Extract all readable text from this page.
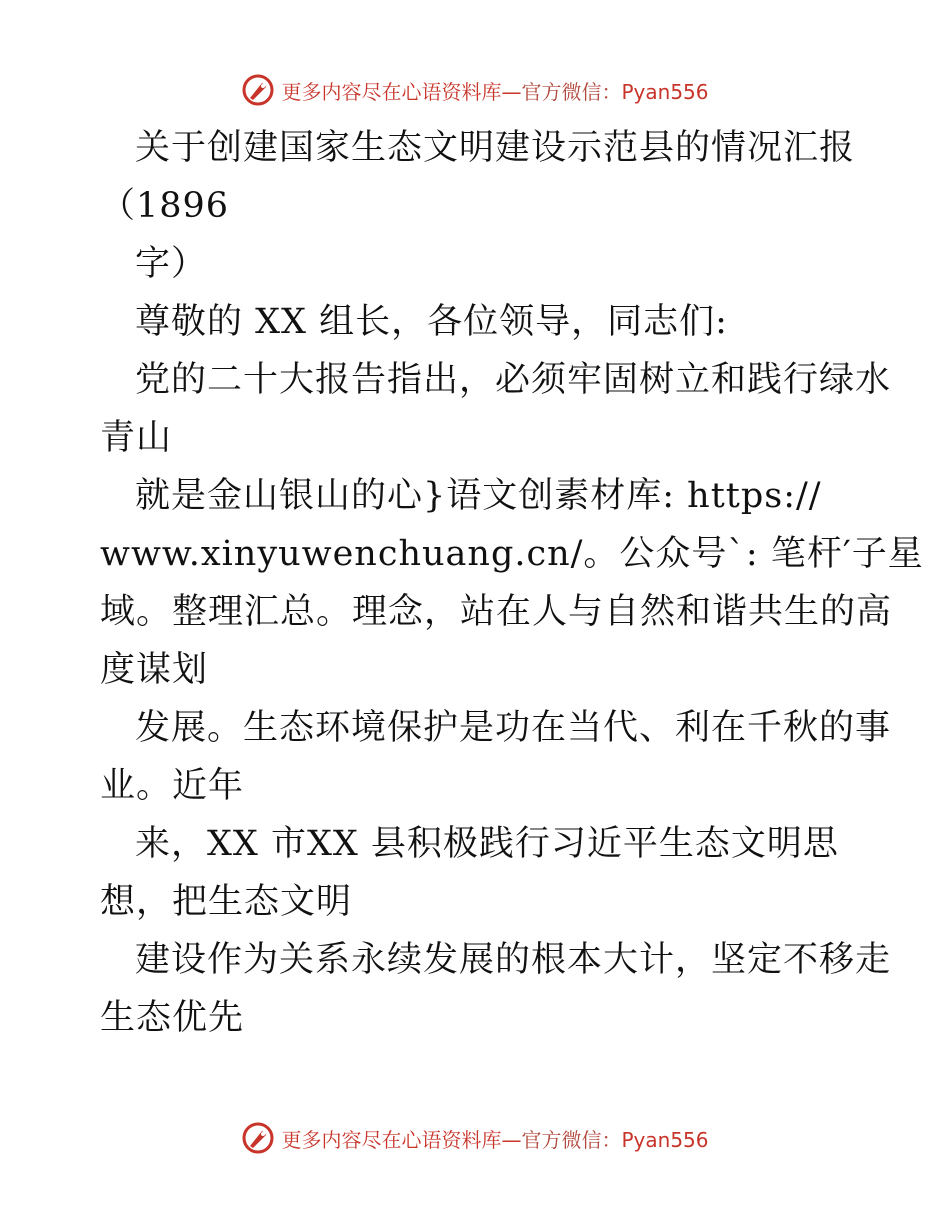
更多内容尽在心语资料库—官方微信：Pyan556
关于创建国家生态文明建设示范县的情况汇报
（1896
字）
尊敬的 XX 组长，各位领导，同志们:
党的二十大报告指出，必须牢固树立和践行绿水
青山
就是金山银山的心}语文创素材库: https://
www.xinyuwenchuang.cn/。公众号`: 笔杆′子星
域。整理汇总。理念，站在人与自然和谐共生的高
度谋划
发展。生态环境保护是功在当代、利在千秋的事
业。近年
来，XX 市XX 县积极践行习近平生态文明思
想，把生态文明
建设作为关系永续发展的根本大计，坚定不移走
生态优先
更多内容尽在心语资料库—官方微信：Pyan556
